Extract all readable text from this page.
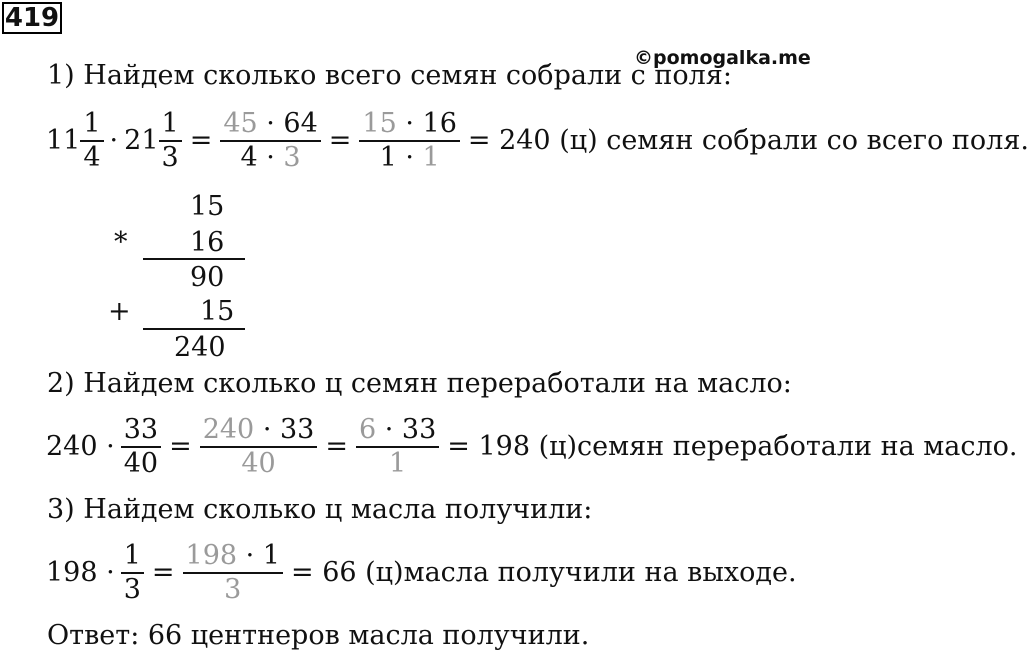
419
©pomogalka.me
1) Найдем сколько всего семян собрали с поля:
$11 \frac{1}{4} \cdot 21 \frac{1}{3} = \frac{45 \cdot 64}{4 \cdot 3} = \frac{15 \cdot 16}{1 \cdot 1} = 240$ (ц) семян собрали со всего поля.
15
* 16
90
+	15
240
2) Найдем сколько ц семян переработали на масло:
$240 \cdot \frac{33}{40} = \frac{240 \cdot 33}{40} = \frac{6 \cdot 33}{1} = 198$ (ц)семян переработали на масло.
3) Найдем сколько ц масла получили:
$198 \cdot \frac{1}{3} = \frac{198 \cdot 1}{3} = 66$ (ц)масла получили на выходе.
Ответ: 66 центнеров масла получили.
